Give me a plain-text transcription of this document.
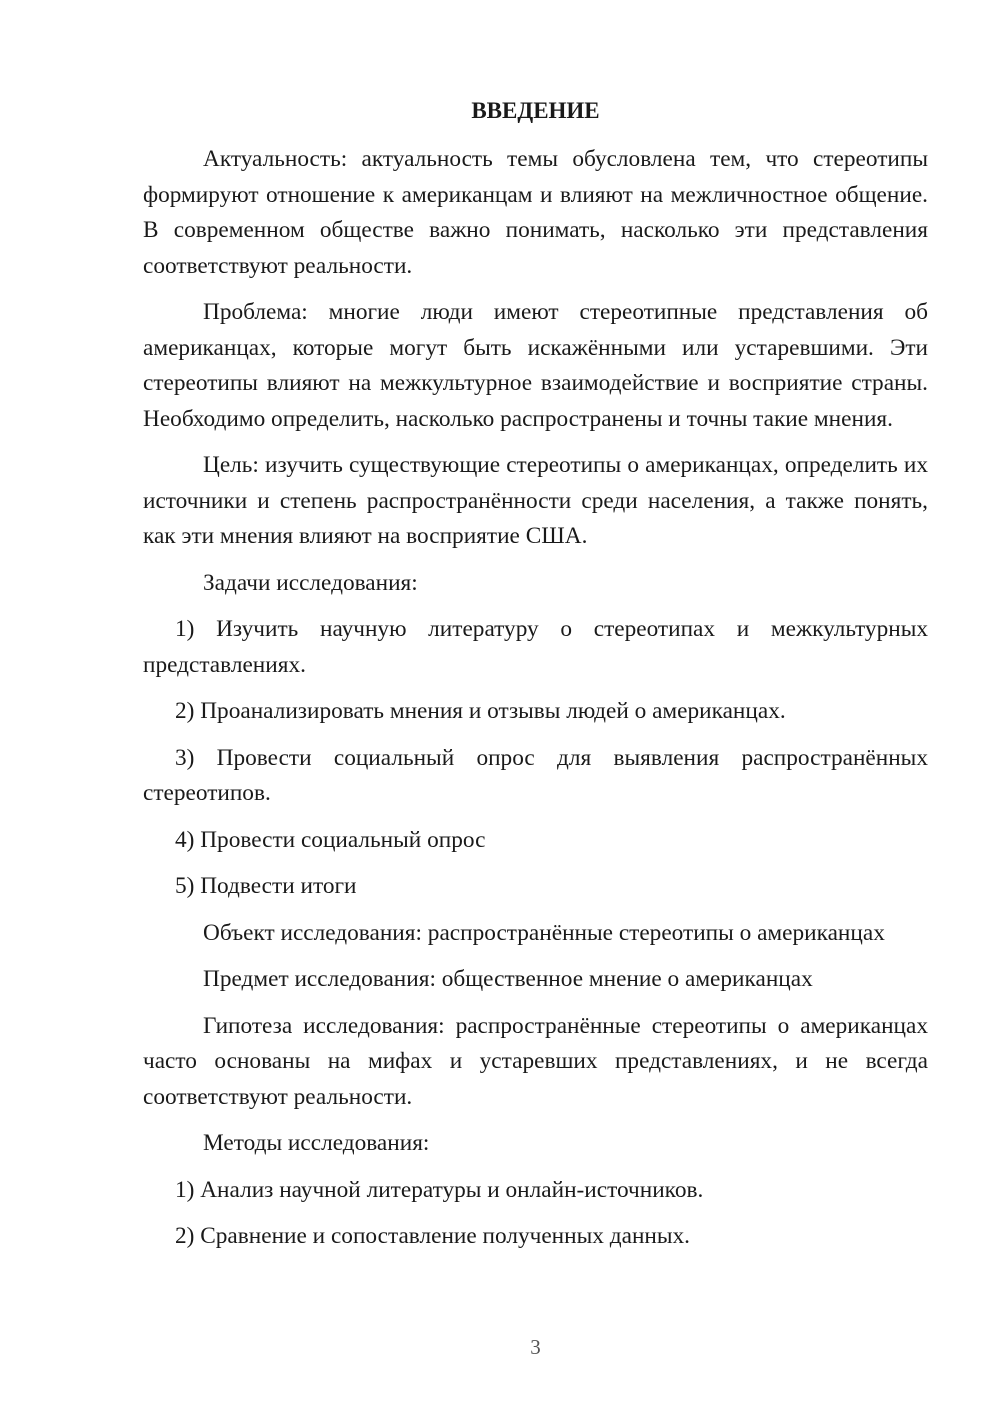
ВВЕДЕНИЕ

Актуальность: актуальность темы обусловлена тем, что стереотипы формируют отношение к американцам и влияют на межличностное общение. В современном обществе важно понимать, насколько эти представления соответствуют реальности.

Проблема: многие люди имеют стереотипные представления об американцах, которые могут быть искажёнными или устаревшими. Эти стереотипы влияют на межкультурное взаимодействие и восприятие страны. Необходимо определить, насколько распространены и точны такие мнения.

Цель: изучить существующие стереотипы о американцах, определить их источники и степень распространённости среди населения, а также понять, как эти мнения влияют на восприятие США.

Задачи исследования:

1) Изучить научную литературу о стереотипах и межкультурных представлениях.

2) Проанализировать мнения и отзывы людей о американцах.

3) Провести социальный опрос для выявления распространённых стереотипов.

4) Провести социальный опрос

5) Подвести итоги

Объект исследования: распространённые стереотипы о американцах

Предмет исследования: общественное мнение о американцах

Гипотеза исследования: распространённые стереотипы о американцах часто основаны на мифах и устаревших представлениях, и не всегда соответствуют реальности.

Методы исследования:

1) Анализ научной литературы и онлайн-источников.

2) Сравнение и сопоставление полученных данных.

3
